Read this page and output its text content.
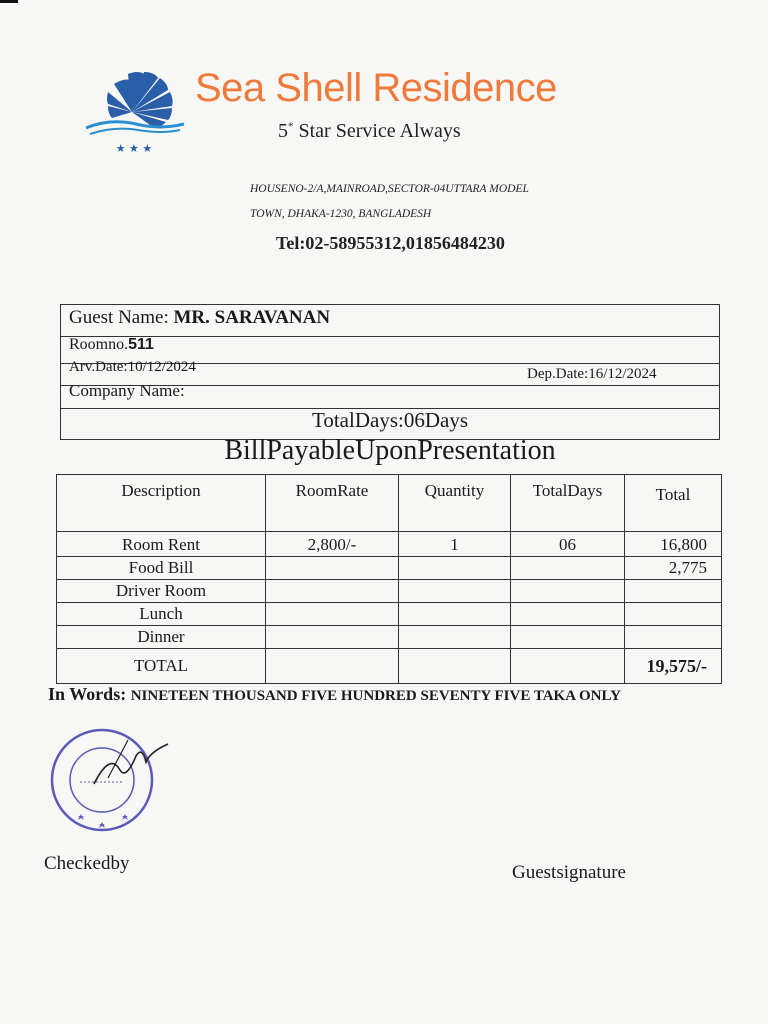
★ ★ ★
Sea Shell Residence
5* Star Service Always
HOUSENO-2/A,MAINROAD,SECTOR-04UTTARA MODEL
TOWN, DHAKA-1230, BANGLADESH
Tel:02-58955312,01856484230
Guest Name: MR. SARAVANAN
Roomno.511
Arv.Date:10/12/2024	Dep.Date:16/12/2024
Company Name:
TotalDays:06Days
BillPayableUponPresentation
Description	RoomRate	Quantity	TotalDays	Total
Room Rent	2,800/-	1	06	16,800
Food Bill				2,775
Driver Room				
Lunch				
Dinner				
TOTAL				19,575/-
In Words: NINETEEN THOUSAND FIVE HUNDRED SEVENTY FIVE TAKA ONLY
Checkedby	Guestsignature
